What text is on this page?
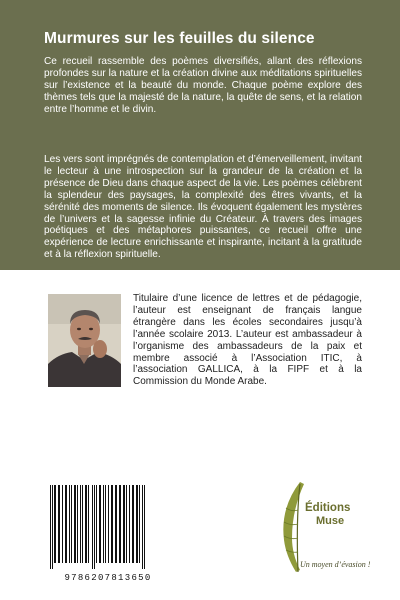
Murmures sur les feuilles du silence
Ce recueil rassemble des poèmes diversifiés, allant des réflexions profondes sur la nature et la création divine aux méditations spirituelles sur l’existence et la beauté du monde. Chaque poème explore des thèmes tels que la majesté de la nature, la quête de sens, et la relation entre l’homme et le divin.
Les vers sont imprégnés de contemplation et d’émerveillement, invitant le lecteur à une introspection sur la grandeur de la création et la présence de Dieu dans chaque aspect de la vie. Les poèmes célèbrent la splendeur des paysages, la complexité des êtres vivants, et la sérénité des moments de silence. Ils évoquent également les mystères de l’univers et la sagesse infinie du Créateur. À travers des images poétiques et des métaphores puissantes, ce recueil offre une expérience de lecture enrichissante et inspirante, incitant à la gratitude et à la réflexion spirituelle.
Titulaire d’une licence de lettres et de pédagogie, l’auteur est enseignant de français langue étrangère dans les écoles secondaires jusqu’à l’année scolaire 2013. L’auteur est ambassadeur à l’organisme des ambassadeurs de la paix et membre associé à l’Association ITIC, à l’association GALLICA, à la FIPF et à la Commission du Monde Arabe.
9786207813650
Éditions
Muse
Un moyen d’évasion !
